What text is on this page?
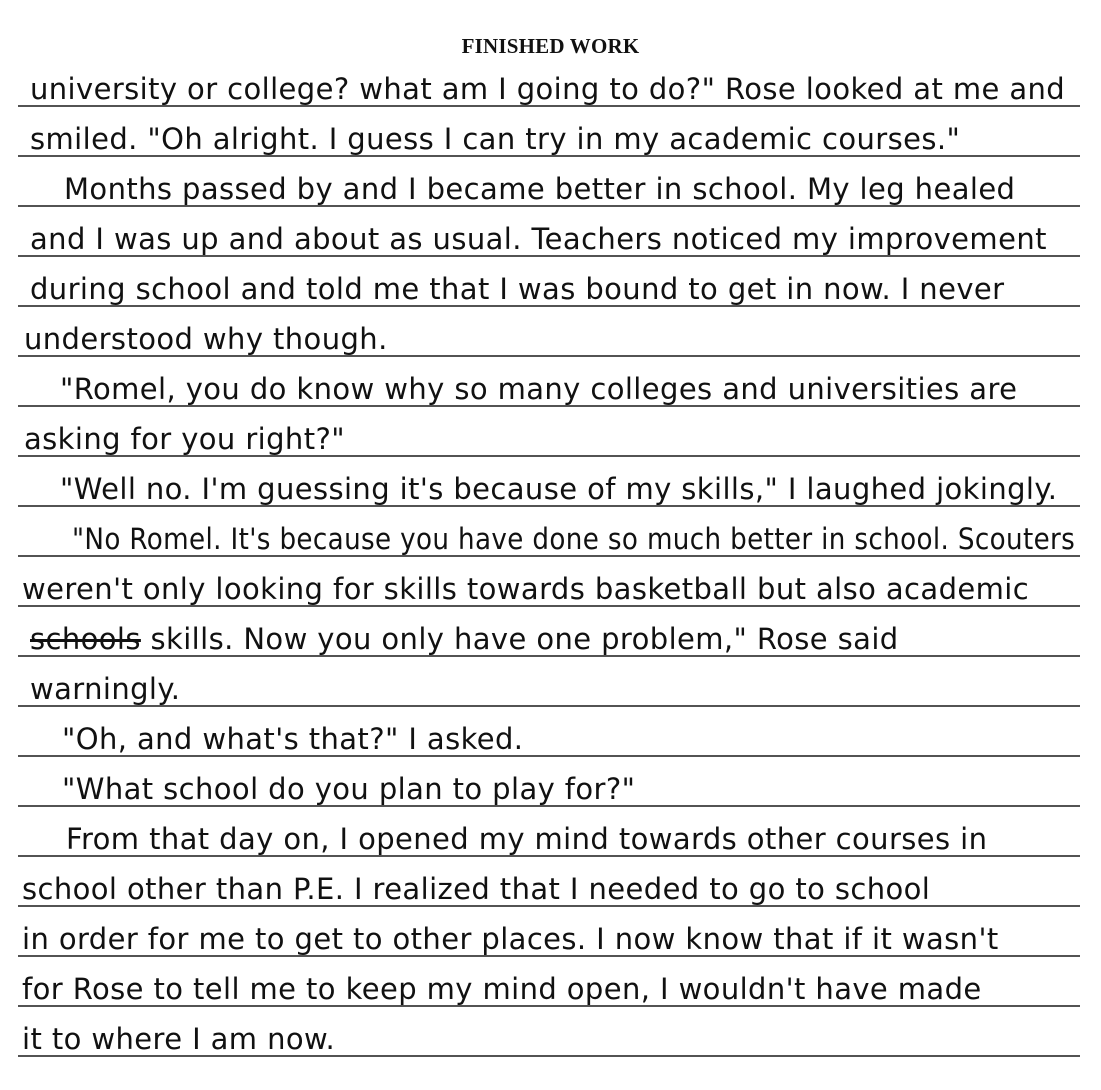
FINISHED WORK
university or college? what am I going to do?" Rose looked at me and
smiled. "Oh alright. I guess I can try in my academic courses."
Months passed by and I became better in school. My leg healed
and I was up and about as usual. Teachers noticed my improvement
during school and told me that I was bound to get in now. I never
understood why though.
"Romel, you do know why so many colleges and universities are
asking for you right?"
"Well no. I'm guessing it's because of my skills," I laughed jokingly.
"No Romel. It's because you have done so much better in school. Scouters
weren't only looking for skills towards basketball but also academic
schools skills. Now you only have one problem," Rose said
warningly.
"Oh, and what's that?" I asked.
"What school do you plan to play for?"
From that day on, I opened my mind towards other courses in
school other than P.E. I realized that I needed to go to school
in order for me to get to other places. I now know that if it wasn't
for Rose to tell me to keep my mind open, I wouldn't have made
it to where I am now.
